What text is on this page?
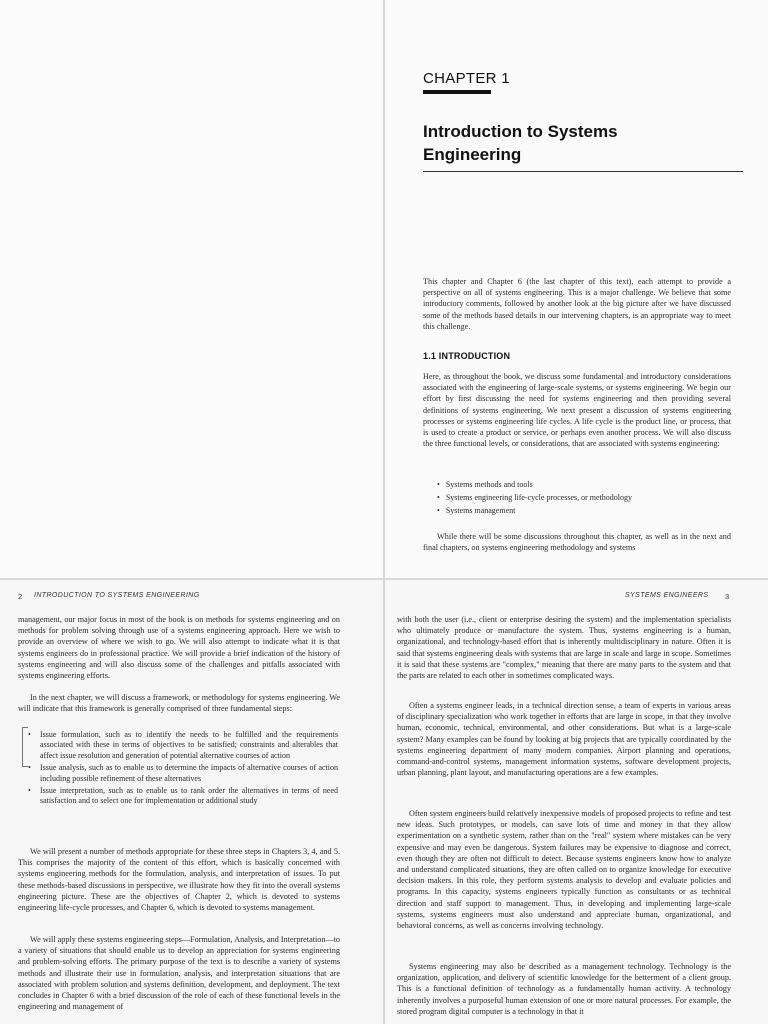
CHAPTER 1
Introduction to Systems
Engineering
This chapter and Chapter 6 (the last chapter of this text), each attempt to provide a perspective on all of systems engineering. This is a major challenge. We believe that some introductory comments, followed by another look at the big picture after we have discussed some of the methods based details in our intervening chapters, is an appropriate way to meet this challenge.
1.1 INTRODUCTION
Here, as throughout the book, we discuss some fundamental and introductory considerations associated with the engineering of large-scale systems, or systems engineering. We begin our effort by first discussing the need for systems engineering and then providing several definitions of systems engineering. We next present a discussion of systems engineering processes or systems engineering life cycles. A life cycle is the product line, or process, that is used to create a product or service, or perhaps even another process. We will also discuss the three functional levels, or considerations, that are associated with systems engineering:
• Systems methods and tools
• Systems engineering life-cycle processes, or methodology
• Systems management
While there will be some discussions throughout this chapter, as well as in the next and final chapters, on systems engineering methodology and systems
2 INTRODUCTION TO SYSTEMS ENGINEERING
management, our major focus in most of the book is on methods for systems engineering and on methods for problem solving through use of a systems engineering approach. Here we wish to provide an overview of where we wish to go. We will also attempt to indicate what it is that systems engineers do in professional practice. We will provide a brief indication of the history of systems engineering and will also discuss some of the challenges and pitfalls associated with systems engineering efforts.
In the next chapter, we will discuss a framework, or methodology for systems engineering. We will indicate that this framework is generally comprised of three fundamental steps:
• Issue formulation, such as to identify the needs to be fulfilled and the requirements associated with these in terms of objectives to be satisfied; constraints and alterables that affect issue resolution and generation of potential alternative courses of action
• Issue analysis, such as to enable us to determine the impacts of alternative courses of action including possible refinement of these alternatives
• Issue interpretation, such as to enable us to rank order the alternatives in terms of need satisfaction and to select one for implementation or additional study
We will present a number of methods appropriate for these three steps in Chapters 3, 4, and 5. This comprises the majority of the content of this effort, which is basically concerned with systems engineering methods for the formulation, analysis, and interpretation of issues. To put these methods-based discussions in perspective, we illustrate how they fit into the overall systems engineering picture. These are the objectives of Chapter 2, which is devoted to systems engineering life-cycle processes, and Chapter 6, which is devoted to systems management.
We will apply these systems engineering steps—Formulation, Analysis, and Interpretation—to a variety of situations that should enable us to develop an appreciation for systems engineering and problem-solving efforts. The primary purpose of the text is to describe a variety of systems methods and illustrate their use in formulation, analysis, and interpretation situations that are associated with problem solution and systems definition, development, and deployment. The text concludes in Chapter 6 with a brief discussion of the role of each of these functional levels in the engineering and management of
SYSTEMS ENGINEERS 3
with both the user (i.e., client or enterprise desiring the system) and the implementation specialists who ultimately produce or manufacture the system. Thus, systems engineering is a human, organizational, and technology-based effort that is inherently multidisciplinary in nature. Often it is said that systems engineering deals with systems that are large in scale and large in scope. Sometimes it is said that these systems are "complex," meaning that there are many parts to the system and that the parts are related to each other in sometimes complicated ways.
Often a systems engineer leads, in a technical direction sense, a team of experts in various areas of disciplinary specialization who work together in efforts that are large in scope, in that they involve human, economic, technical, environmental, and other considerations. But what is a large-scale system? Many examples can be found by looking at big projects that are typically coordinated by the systems engineering department of many modern companies. Airport planning and operations, command-and-control systems, management information systems, software development projects, urban planning, plant layout, and manufacturing operations are a few examples.
Often system engineers build relatively inexpensive models of proposed projects to refine and test new ideas. Such prototypes, or models, can save lots of time and money in that they allow experimentation on a synthetic system, rather than on the "real" system where mistakes can be very expensive and may even be dangerous. System failures may be expensive to diagnose and correct, even though they are often not difficult to detect. Because systems engineers know how to analyze and understand complicated situations, they are often called on to organize knowledge for executive decision makers. In this role, they perform systems analysis to develop and evaluate policies and programs. In this capacity, systems engineers typically function as consultants or as technical direction and staff support to management. Thus, in developing and implementing large-scale systems, systems engineers must also understand and appreciate human, organizational, and behavioral concerns, as well as concerns involving technology.
Systems engineering may also be described as a management technology. Technology is the organization, application, and delivery of scientific knowledge for the betterment of a client group. This is a functional definition of technology as a fundamentally human activity. A technology inherently involves a purposeful human extension of one or more natural processes. For example, the stored program digital computer is a technology in that it
